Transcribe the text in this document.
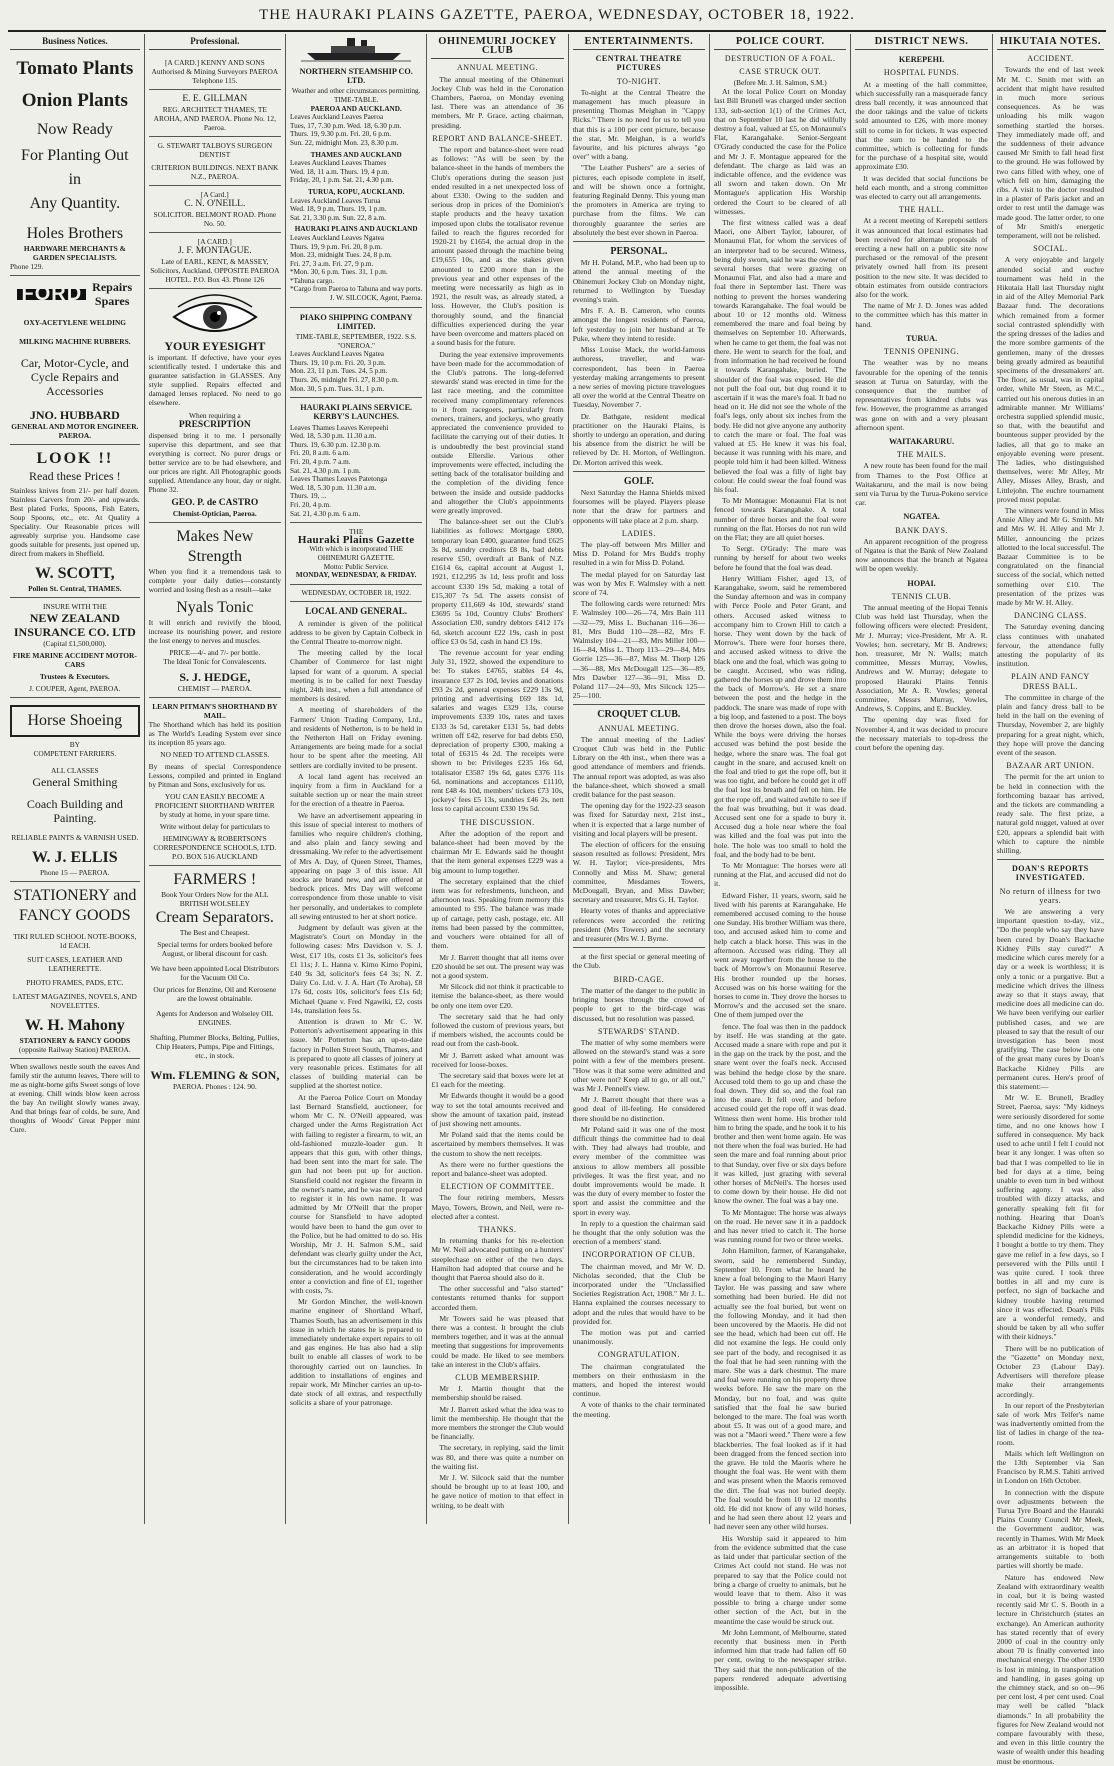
THE HAURAKI PLAINS GAZETTE, PAEROA, WEDNESDAY, OCTOBER 18, 1922.
Business Notices.
Tomato Plants
Onion Plants
Now Ready
For Planting Out
in
Any Quantity.
Holes Brothers
HARDWARE MERCHANTS & GARDEN SPECIALISTS.
Phone 129.
FORD Repairs
Spares
OXY-ACETYLENE WELDING
MILKING MACHINE RUBBERS.
Car, Motor-Cycle, and Cycle Repairs and Accessories
JNO. HUBBARD
GENERAL AND MOTOR ENGINEER. PAEROA.
LOOK !!
Read these Prices !
Stainless knives from 21/- per half dozen. Stainless Carvers from 20/- and upwards. Best plated Forks, Spoons, Fish Eaters, Soup Spoons, etc., etc. At Quality a Speciality. Our Reasonable prices will agreeably surprise you. Handsome case goods suitable for presents, just opened up, direct from makers in Sheffield.
W. SCOTT,
Pollen St. Central, THAMES.
INSURE WITH THE
NEW ZEALAND INSURANCE CO. LTD
(Capital £1,500,000).
FIRE MARINE ACCIDENT MOTOR-CARS
Trustees & Executors.
J. COUPER, Agent, PAEROA.
Horse Shoeing
BY
COMPETENT FARRIERS.
ALL CLASSES
General Smithing
Coach Building and Painting.
RELIABLE PAINTS & VARNISH USED.
W. J. ELLIS
Phone 15 — PAEROA.
STATIONERY and FANCY GOODS
TIKI RULED SCHOOL NOTE-BOOKS, 1d EACH.
SUIT CASES, LEATHER AND LEATHERETTE.
PHOTO FRAMES, PADS, ETC.
LATEST MAGAZINES, NOVELS, AND NOVELETTES.
W. H. Mahony
STATIONERY & FANCY GOODS
(opposite Railway Station) PAEROA.
When swallows nestle south the eaves And family stir the autumn leaves, There will to me as night-borne gifts Sweet songs of love at evening. Chill winds blow keen across the bay An twilight slowly wanes away, And that brings fear of colds, be sure, And thoughts of Woods' Great Pepper mint Cure.
Professional.
[A CARD.] KENNY AND SONS Authorised & Mining Surveyors PAEROA Telephone 115.
E. E. GILLMAN
REG. ARCHITECT THAMES, TE AROHA, AND PAEROA. Phone No. 12, Paeroa.
G. STEWART TALBOYS SURGEON DENTIST
CRITERION BUILDINGS. NEXT BANK N.Z., PAEROA.
[A Card.]
C. N. O'NEILL.
SOLICITOR. BELMONT ROAD. Phone No. 50.
[A CARD.]
J. F. MONTAGUE.
Late of EARL, KENT, & MASSEY, Solicitors, Auckland. OPPOSITE PAEROA HOTEL. P.O. Box 43. Phone 126
YOUR EYESIGHT
is important. If defective, have your eyes scientifically tested. I undertake this and guarantee satisfaction in GLASSES. Any style supplied. Repairs effected and damaged lenses replaced. No need to go elsewhere.
When requiring a
PRESCRIPTION
dispensed bring it to me. I personally supervise this department, and see that everything is correct. No purer drugs or better service are to be had elsewhere, and our prices are right. All Photographic goods supplied. Attendance any hour, day or night. Phone 32.
GEO. P. de CASTRO
Chemist-Optician, Paeroa.
Makes New Strength
When you find it a tremendous task to complete your daily duties—constantly worried and losing flesh as a result—take
Nyals Tonic
It will enrich and revivify the blood, increase its nourishing power, and restore the lost energy to nerves and muscles.
PRICE—4/- and 7/- per bottle.
The Ideal Tonic for Convalescents.
S. J. HEDGE,
CHEMIST — PAEROA.
LEARN PITMAN'S SHORTHAND BY MAIL.
The Shorthand which has held its position as The World's Leading System ever since its inception 85 years ago.
NO NEED TO ATTEND CLASSES.
By means of special Correspondence Lessons, compiled and printed in England by Pitman and Sons, exclusively for us.
YOU CAN EASILY BECOME A PROFICIENT SHORTHAND WRITER
by study at home, in your spare time.
Write without delay for particulars to
HEMINGWAY & ROBERTSON'S CORRESPONDENCE SCHOOLS, LTD. P.O. BOX 516 AUCKLAND
FARMERS !
Book Your Orders Now for the ALL BRITISH WOLSELEY
Cream Separators.
The Best and Cheapest.
Special terms for orders booked before August, or liberal discount for cash.
We have been appointed Local Distributors for the Vacuum Oil Co.
Our prices for Benzine, Oil and Kerosene are the lowest obtainable.
Agents for Anderson and Wolseley OIL ENGINES.
Shafting, Plummer Blocks, Belting, Pullies, Chip Heaters, Pumps, Pipe and Fittings, etc., in stock.
Wm. FLEMING & SON,
PAEROA. Phones : 124. 90.
NORTHERN STEAMSHIP CO. LTD.
Weather and other circumstances permitting.
TIME-TABLE.
PAEROA AND AUCKLAND.
Leaves Auckland Leaves Paeroa
Tues, 17, 7.30 p.m. Wed. 18, 6.30 p.m.
Thurs. 19, 9.30 p.m. Fri. 20, 6 p.m.
Sun. 22, midnight Mon. 23, 8.30 p.m.
THAMES AND AUCKLAND
Leaves Auckland Leaves Thames
Wed. 18, 11 a.m. Thurs. 19, 4 p.m.
Friday, 20, 1 p.m. Sat. 21, 4.30 p.m.
TURUA, KOPU, AUCKLAND.
Leaves Auckland Leaves Turua
Wed. 18, 9 p.m. Thurs. 19, 1 p.m.
Sat. 21, 3.30 p.m. Sun. 22, 8 a.m.
HAURAKI PLAINS AND AUCKLAND
Leaves Auckland Leaves Ngatea
Thurs. 19, 9 p.m. Fri. 20, 8 p.m.
Mon. 23, midnight Tues. 24, 8 p.m.
Fri. 27, 3 a.m. Fri. 27, 9 p.m.
*Mon. 30, 6 p.m. Tues. 31, 1 p.m.
*Tahuna cargo.
*Cargo from Paeroa to Tahuna and way ports.
J. W. SILCOCK, Agent, Paeroa.
PIAKO SHIPPING COMPANY LIMITED.
TIME-TABLE, SEPTEMBER, 1922. S.S. "ONEROA."
Leaves Auckland Leaves Ngatea
Thurs. 19, 10 p.m. Fri. 20, 3 p.m.
Mon. 23, 11 p.m. Tues. 24, 5 p.m.
Thurs. 26, midnight Fri. 27, 8.30 p.m.
Mon. 30, 5 p.m. Tues. 31, 1 p.m.
HAURAKI PLAINS SERVICE. KERBY'S LAUNCHES.
Leaves Thames Leaves Kerepeehi
Wed. 18, 5.30 p.m. 11.30 a.m.
Thurs. 19, 6.30 p.m. 12.30 p.m.
Fri. 20, 8 a.m. 6 a.m.
Fri. 20, 4 p.m. 7 a.m.
Sat. 21, 4.30 p.m. 1 p.m.
Leaves Thames Leaves Patetonga
Wed. 18, 5.30 p.m. 11.30 a.m.
Thurs. 19, ...
Fri. 20, 4 p.m.
Sat. 21, 4.30 p.m. 6 a.m.
THE
Hauraki Plains Gazette
With which is incorporated THE OHINEMURI GAZETTE.
Motto: Public Service.
MONDAY, WEDNESDAY, & FRIDAY.
WEDNESDAY, OCTOBER 18, 1922.
LOCAL AND GENERAL.
A reminder is given of the political address to be given by Captain Colbeck in the Central Theatre to-morrow night.
The meeting called by the local Chamber of Commerce for last night lapsed for want of a quorum. A special meeting is to be called for next Tuesday night, 24th inst., when a full attendance of members is desired.
A meeting of shareholders of the Farmers' Union Trading Company, Ltd., and residents of Netherton, is to be held in the Netherton Hall on Friday evening. Arrangements are being made for a social hour to be spent after the meeting. All settlers are cordially invited to be present.
A local land agent has received an inquiry from a firm in Auckland for a suitable section up or near the main street for the erection of a theatre in Paeroa.
We have an advertisement appearing in this issue of special interest to mothers of families who require children's clothing, and also plain and fancy sewing and dressmaking. We refer to the advertisement of Mrs A. Day, of Queen Street, Thames, appearing on page 3 of this issue. All stocks are brand new, and are offered at bedrock prices. Mrs Day will welcome correspondence from those unable to visit her personally, and undertakes to complete all sewing entrusted to her at short notice.
Judgment by default was given at the Magistrate's Court on Monday in the following cases: Mrs Davidson v. S. J. West, £17 10s, costs £1 3s, solicitor's fees £1 11s; J. L. Hanna v. Kimo Kimo Popini, £40 9s 3d, solicitor's fees £4 3s; N. Z. Dairy Co. Ltd. v. J. A. Hart (Te Aroha), £8 17s 6d, costs 10s, solicitor's fees £1s 6d; Michael Quane v. Fred Ngawiki, £2, costs 14s, translation fees 5s.
Attention is drawn to Mr C. W. Potterton's advertisement appearing in this issue. Mr Potterton has an up-to-date factory in Pollen Street South, Thames, and is prepared to quote all classes of joinery at very reasonable prices. Estimates for all classes of building material can be supplied at the shortest notice.
At the Paeroa Police Court on Monday last Bernard Stansfield, auctioneer, for whom Mr C. N. O'Neill appeared, was charged under the Arms Registration Act with failing to register a firearm, to wit, an old-fashioned muzzle-loader gun. It appears that this gun, with other things, had been sent into the mart for sale. The gun had not been put up for auction. Stansfield could not register the firearm in the owner's name, and he was not prepared to register it in his own name. It was admitted by Mr O'Neill that the proper course for Stansfield to have adopted would have been to hand the gun over to the Police, but he had omitted to do so. His Worship, Mr J. H. Salmon S.M., said defendant was clearly guilty under the Act, but the circumstances had to be taken into consideration, and he would accordingly enter a conviction and fine of £1, together with costs, 7s.
Mr Gordon Mincher, the well-known marine engineer of Shortland Wharf, Thames South, has an advertisement in this issue in which he states he is prepared to immediately undertake expert repairs to oil and gas engines. He has also had a slip built to enable all classes of work to be thoroughly carried out on launches. In addition to installations of engines and repair work, Mr Mincher carries an up-to-date stock of all extras, and respectfully solicits a share of your patronage.
OHINEMURI JOCKEY CLUB
ANNUAL MEETING.
The annual meeting of the Ohinemuri Jockey Club was held in the Coronation Chambers, Paeroa, on Monday evening last. There was an attendance of 36 members, Mr P. Grace, acting chairman, presiding.
REPORT AND BALANCE-SHEET.
The report and balance-sheet were read as follows: "As will be seen by the balance-sheet in the hands of members the Club's operations during the season just ended resulted in a net unexpected loss of about £330. Owing to the sudden and serious drop in prices of the Dominion's staple products and the heavy taxation imposed upon clubs the totalisator revenue failed to reach the figures recorded for 1920-21 by £1654, the actual drop in the amount passed through the machine being £19,655 10s, and as the stakes given amounted to £200 more than in the previous year and other expenses of the meeting were necessarily as high as in 1921, the result was, as already stated, a loss. However, the Club's position is thoroughly sound, and the financial difficulties experienced during the year have been overcome and matters placed on a sound basis for the future.
During the year extensive improvements have been made for the accommodation of the Club's patrons. The long-deferred stewards' stand was erected in time for the last race meeting, and the committee received many complimentary references to it from racegoers, particularly from owners, trainers, and jockeys, who greatly appreciated the convenience provided to facilitate the carrying out of their duties. It is undoubtedly the best provincial stand outside Ellerslie. Various other improvements were effected, including the setting back of the totalisator building and the completion of the dividing fence between the inside and outside paddocks and altogether the Club's appointments were greatly improved.
The balance-sheet set out the Club's liabilities as follows: Mortgage £800, temporary loan £400, guarantee fund £625 3s 8d, sundry creditors £8 8s, bad debts reserve £50, overdraft at Bank of N.Z. £1614 6s, capital account at August 1, 1921, £12,295 3s 1d, less profit and loss account £330 19s 5d, making a total of £15,307 7s 5d. The assets consist of property £11,669 4s 10d, stewards' stand £3695 5s 10d, Country Clubs' Brothers' Association £30, sundry debtors £412 17s 6d, sketch account £22 19s, cash in post office £3 0s 5d, cash in hand £3 19s.
The revenue account for year ending July 31, 1922, showed the expenditure to be: To stakes £4765, stables £4 4s, insurance £37 2s 10d, levies and donations £93 2s 2d, general expenses £229 13s 9d, printing and advertising £69 18s 1d, salaries and wages £329 13s, course improvements £339 10s, rates and taxes £133 3s 5d, caretaker £131 5s, bad debts written off £42, reserve for bad debts £50, depreciation of property £300, making a total of £6315 4s 2d. The receipts were shown to be: Privileges £235 16s 6d, totalisator £3587 19s 6d, gates £376 11s 6d, nominations and acceptances £1110, rent £48 4s 10d, members' tickets £73 10s, jockeys' fees £5 13s, sundries £46 2s, nett loss to capital account £330 19s 5d.
THE DISCUSSION.
After the adoption of the report and balance-sheet had been moved by the chairman Mr E. Edwards said he thought that the item general expenses £229 was a big amount to lump together.
The secretary explained that the chief item was for refreshments, luncheon, and afternoon teas. Speaking from memory this amounted to £95. The balance was made up of cartage, petty cash, postage, etc. All items had been passed by the committee, and vouchers were obtained for all of them.
Mr J. Barrett thought that all items over £20 should be set out. The present way was not a good system.
Mr Silcock did not think it practicable to itemise the balance-sheet, as there would be only one item over £20.
The secretary said that he had only followed the custom of previous years, but if members wished, the accounts could be read out from the cash-book.
Mr J. Barrett asked what amount was received for loose-boxes.
The secretary said that boxes were let at £1 each for the meeting.
Mr Edwards thought it would be a good way to set the total amounts received and show the amount of taxation paid, instead of just showing nett amounts.
Mr Poland said that the items could be ascertained by members themselves. It was the custom to show the nett receipts.
As there were no further questions the report and balance-sheet was adopted.
ELECTION OF COMMITTEE.
The four retiring members, Messrs Mayo, Towers, Brown, and Neil, were re-elected after a contest.
THANKS.
In returning thanks for his re-election Mr W. Neil advocated putting on a hunters' steeplechase on either of the two days. Hamilton had adopted that course and he thought that Paeroa should also do it.
The other successful and "also started" contestants returned thanks for support accorded them.
Mr Towers said he was pleased that there was a contest. It brought the club members together, and it was at the annual meeting that suggestions for improvements could be made. He liked to see members take an interest in the Club's affairs.
CLUB MEMBERSHIP.
Mr J. Martin thought that the membership should be raised.
Mr J. Barrett asked what the idea was to limit the membership. He thought that the more members the stronger the Club would be financially.
The secretary, in replying, said the limit was 80, and there was quite a number on the waiting list.
Mr J. W. Silcock said that the number should be brought up to at least 100, and he gave notice of motion to that effect in writing, to be dealt with
ENTERTAINMENTS.
CENTRAL THEATRE PICTURES
TO-NIGHT.
To-night at the Central Theatre the management has much pleasure in presenting Thomas Meighan in "Cappy Ricks." There is no need for us to tell you that this is a 100 per cent picture, because the star, Mr. Meighan, is a world's favourite, and his pictures always "go over" with a bang.
"The Leather Pushers" are a series of pictures, each episode complete in itself, and will be shown once a fortnight, featuring Reginald Denny. This young man the promoters in America are trying to purchase from the films. We can thoroughly guarantee the series are absolutely the best ever shown in Paeroa.
PERSONAL.
Mr H. Poland, M.P., who had been up to attend the annual meeting of the Ohinemuri Jockey Club on Monday night, returned to Wellington by Tuesday evening's train.
Mrs F. A. B. Cameron, who counts amongst the longest residents of Paeroa, left yesterday to join her husband at Te Puke, where they intend to reside.
Miss Louise Mack, the world-famous authoress, traveller, and war-correspondent, has been in Paeroa yesterday making arrangements to present a new series of moving picture travelogues all over the world at the Central Theatre on Tuesday, November 7.
Dr. Bathgate, resident medical practitioner on the Hauraki Plains, is shortly to undergo an operation, and during his absence from the district he will be relieved by Dr. H. Morton, of Wellington. Dr. Morton arrived this week.
GOLF.
Next Saturday the Hanna Shields mixed foursomes will be played. Players please note that the draw for partners and opponents will take place at 2 p.m. sharp.
LADIES.
The play-off between Mrs Miller and Miss D. Poland for Mrs Budd's trophy resulted in a win for Miss D. Poland.
The medal played for on Saturday last was won by Mrs F. Walmsley with a nett score of 74.
The following cards were returned: Mrs F. Walmsley 100—26—74, Mrs Bain 111—32—79, Miss L. Buchanan 116—36—81, Mrs Budd 110—28—82, Mrs F. Walmsley 104—21—83, Mrs Miller 100—16—84, Miss L. Thorp 113—29—84, Mrs Gorrie 125—36—87, Miss M. Thorp 126—36—88, Mrs McDougall 125—36—89, Mrs Dawber 127—36—91, Miss D. Poland 117—24—93, Mrs Silcock 125—25—100.
CROQUET CLUB.
ANNUAL MEETING.
The annual meeting of the Ladies' Croquet Club was held in the Public Library on the 4th inst., when there was a good attendance of members and friends. The annual report was adopted, as was also the balance-sheet, which showed a small credit balance for the past season.
The opening day for the 1922-23 season was fixed for Saturday next, 21st inst., when it is expected that a large number of visiting and local players will be present.
The election of officers for the ensuing season resulted as follows: President, Mrs W. H. Taylor; vice-presidents, Mrs Connolly and Miss M. Shaw; general committee, Mesdames Towers, McDougall, Bryan, and Miss Dawber; secretary and treasurer, Mrs G. H. Taylor.
Hearty votes of thanks and appreciative references were accorded the retiring president (Mrs Towers) and the secretary and treasurer (Mrs W. J. Byrne.
at the first special or general meeting of the Club.
BIRD-CAGE.
The matter of the danger to the public in bringing horses through the crowd of people to get to the bird-cage was discussed, but no resolution was passed.
STEWARDS' STAND.
The matter of why some members were allowed on the steward's stand was a sore point with a few of the members present. "How was it that some were admitted and other were not? Keep all to go, or all out," was Mr J. Pennell's view.
Mr J. Barrett thought that there was a good deal of ill-feeling. He considered there should be no distinction.
Mr Poland said it was one of the most difficult things the committee had to deal with. They had always had trouble, and every member of the committee was anxious to allow members all possible privileges. It was the first year, and no doubt improvements would be made. It was the duty of every member to foster the sport and assist the committee and the sport in every way.
In reply to a question the chairman said he thought that the only solution was the erection of a members' stand.
INCORPORATION OF CLUB.
The chairman moved, and Mr W. D. Nicholas seconded, that the Club be incorporated under the "Unclassified Societies Registration Act, 1908." Mr J. L. Hanna explained the courses necessary to adopt and the rules that would have to be provided for.
The motion was put and carried unanimously.
CONGRATULATION.
The chairman congratulated the members on their enthusiasm in the matters, and hoped the interest would continue.
A vote of thanks to the chair terminated the meeting.
POLICE COURT.
DESTRUCTION OF A FOAL.
CASE STRUCK OUT.
(Before Mr. J. H. Salmon, S.M.)
At the local Police Court on Monday last Bill Brunell was charged under section 133, sub-section 1(1) of the Crimes Act, that on September 10 last he did wilfully destroy a foal, valued at £5, on Monaunui's Flat, Karangahake. Senior-Sergeant O'Grady conducted the case for the Police and Mr J. F. Montague appeared for the defendant. The charge as laid was an indictable offence, and the evidence was all sworn and taken down. On Mr Montague's application His Worship ordered the Court to be cleared of all witnesses.
The first witness called was a deaf Maori, one Albert Taylor, labourer, of Monaunui Flat, for whom the services of an interpreter had to be secured. Witness, being duly sworn, said he was the owner of several horses that were grazing on Monaunui Flat, and also had a mare and foal there in September last. There was nothing to prevent the horses wandering towards Karangahake. The foal would be about 10 or 12 months old. Witness remembered the mare and foal being by themselves on September 10. Afterwards, when he came to get them, the foal was not there. He went to search for the foal, and from information he had received he found it towards Karangahake, buried. The shoulder of the foal was exposed. He did not pull the foal out, but dug round it to ascertain if it was the mare's foal. It had no head on it. He did not see the whole of the foal's legs, only about six inches from the body. He did not give anyone any authority to catch the mare or foal. The foal was valued at £5. He knew it was his foal, because it was running with his mare, and people told him it had been killed. Witness believed the foal was a filly of light bay colour. He could swear the foal found was his foal.
To Mr Montague: Monaunui Flat is not fenced towards Karangahake. A total number of three horses and the foal were running on the flat. Horses do not run wild on the Flat; they are all quiet horses.
To Sergt. O'Grady: The mare was running by herself for about two weeks before he found that the foal was dead.
Henry William Fisher, aged 13, of Karangahake, sworn, said he remembered the Sunday afternoon and was in company with Perce Poole and Peter Grant, and others. Accused asked witness to accompany him to Crown Hill to catch a horse. They went down by the back of Morrow's. There were four horses there, and accused asked witness to drive the black one and the foal, which was going to be caught. Accused, who was riding, gathered the horses up and drove them into the back of Morrow's. He set a snare between the post and the hedge in the paddock. The snare was made of rope with a big loop, and fastened to a post. The boys then drove the horses down, also the foal. While the boys were driving the horses accused was behind the post beside the hedge, where the snare was. The foal got caught in the snare, and accused knelt on the foal and tried to get the rope off, but it was too tight, and before he could get it off the foal lost its breath and fell on him. He got the rope off, and waited awhile to see if the foal was breathing, but it was dead. Accused sent one for a spade to bury it. Accused dug a hole near where the foal was killed and the foal was put into the hole. The hole was too small to hold the foal, and the body had to be bent.
To Mr Montague: The horses were all running at the Flat, and accused did not do it.
Edward Fisher, 11 years, sworn, said he lived with his parents at Karangahake. He remembered accused coming to the house one Sunday. His brother William was there, too, and accused asked him to come and help catch a black horse. This was in the afternoon. Accused was riding. They all went away together from the house to the back of Morrow's on Monaunui Reserve. His brother rounded up the horses. Accused was on his horse waiting for the horses to come in. They drove the horses to Morrow's and the accused set the snare. One of them jumped over the
fence. The foal was then in the paddock by itself. He was standing at the gate. Accused made a snare with rope and put it in the gap on the track by the post, and the snare went over the foal's neck. Accused was behind the hedge close by the snare. Accused told them to go up and chase the foal down. They did so, and the foal ran into the snare. It fell over, and before accused could get the rope off it was dead. Witness then went home. His brother told him to bring the spade, and he took it to his brother and then went home again. He was not there when the foal was buried. He had seen the mare and foal running about prior to that Sunday, over five or six days before it was killed, just grazing with several other horses of McNeil's. The horses used to come down by their house. He did not know the owner. The foal was a bay one.
To Mr Montague: The horse was always on the road. He never saw it in a paddock and has never tried to catch it. The horse was running round for two or three weeks.
John Hamilton, farmer, of Karangahake, sworn, said he remembered Sunday, September 10. From what he heard he knew a foal belonging to the Maori Harry Taylor. He was passing and saw where something had been buried. He did not actually see the foal buried, but went on the following Monday, and it had then been uncovered by the Maoris. He did not see the head, which had been cut off. He did not examine the legs. He could only see part of the body, and recognised it as the foal that he had seen running with the mare. She was a dark chestnut. The mare and foal were running on his property three weeks before. He saw the mare on the Monday, but no foal, and was quite satisfied that the foal he saw buried belonged to the mare. The foal was worth about £5. It was out of a good mare, and was not a "Maori weed." There were a few blackberries. The foal looked as if it had been dragged from the fenced section into the grave. He told the Maoris where he thought the foal was. He went with them and was present when the Maoris removed the dirt. The foal was not buried deeply. The foal would be from 10 to 12 months old. He did not know of any wild horses, and he had seen there about 12 years and had never seen any other wild horses.
His Worship said it appeared to him from the evidence submitted that the case as laid under that particular section of the Crimes Act could not stand. He was not prepared to say that the Police could not bring a charge of cruelty to animals, but he would leave that to them. Also it was possible to bring a charge under some other section of the Act, but in the meantime the case would be struck out.
Mr John Lemmont, of Melbourne, stated recently that business men in Perth informed him that trade had fallen off 60 per cent, owing to the newspaper strike. They said that the non-publication of the papers rendered adequate advertising impossible.
DISTRICT NEWS.
KEREPEHI.
HOSPITAL FUNDS.
At a meeting of the hall committee, which successfully ran a masquerade fancy dress ball recently, it was announced that the door takings and the value of tickets sold amounted to £26, with more money still to come in for tickets. It was expected that the sum to be handed to the committee, which is collecting for funds for the purchase of a hospital site, would approximate £30.
It was decided that social functions be held each month, and a strong committee was elected to carry out all arrangements.
THE HALL.
At a recent meeting of Kerepehi settlers it was announced that local estimates had been received for alternate proposals of erecting a new hall on a public site now purchased or the removal of the present privately owned hall from its present position to the new site. It was decided to obtain estimates from outside contractors also for the work.
The name of Mr J. D. Jones was added to the committee which has this matter in hand.
TURUA.
TENNIS OPENING.
The weather was by no means favourable for the opening of the tennis season at Turua on Saturday, with the consequence that the number of representatives from kindred clubs was few. However, the programme as arranged was gone on with and a very pleasant afternoon spent.
WAITAKARURU.
THE MAILS.
A new route has been found for the mail from Thames to the Post Office at Waitakaruru, and the mail is now being sent via Turua by the Turua-Pokeno service car.
NGATEA.
BANK DAYS.
An apparent recognition of the progress of Ngatea is that the Bank of New Zealand now announces that the branch at Ngatea will be open weekly.
HOPAI.
TENNIS CLUB.
The annual meeting of the Hopai Tennis Club was held last Thursday, when the following officers were elected: President, Mr J. Murray; vice-President, Mr A. R. Vowles; hon. secretary, Mr B. Andrews; hon. treasurer, Mr N. Walls; match committee, Messrs Murray, Vowles, Andrews and W. Murray; delegate to proposed Hauraki Plains Tennis Association, Mr A. R. Vowles; general committee, Messrs Murray, Vowles, Andrews, S. Coppins, and E. Buckley.
The opening day was fixed for November 4, and it was decided to procure the necessary materials to top-dress the court before the opening day.
HIKUTAIA NOTES.
ACCIDENT.
Towards the end of last week Mr M. C. Smith met with an accident that might have resulted in much more serious consequences. As he was unloading his milk wagon something startled the horses. They immediately made off, and the suddenness of their advance caused Mr Smith to fall head first to the ground. He was followed by two cans filled with whey, one of which fell on him, damaging the ribs. A visit to the doctor resulted in a plaster of Paris jacket and an order to rest until the damage was made good. The latter order, to one of Mr Smith's energetic temperament, will not be relished.
SOCIAL.
A very enjoyable and largely attended social and euchre tournament was held in the Hikutaia Hall last Thursday night in aid of the Alley Memorial Park Bazaar fund. The decorations which remained from a former social contrasted splendidly with the spring dresses of the ladies and the more sombre garments of the gentlemen, many of the dresses being greatly admired as beautiful specimens of the dressmakers' art. The floor, as usual, was in capital order, while Mr Steen, as M.C., carried out his onerous duties in an admirable manner. Mr Williams' orchestra supplied splendid music, so that, with the beautiful and bounteous supper provided by the ladies, all that go to make an enjoyable evening were present. The ladies, who distinguished themselves, were: Mr Alley, Mr Alley, Misses Alley, Brash, and Littlejohn. The euchre tournament proved most popular.
The winners were found in Miss Annie Alley and Mr G. Smith. Mr and Mrs W. H. Alley and Mr J. Miller, announcing the prizes allotted to the local successful. The Bazaar Committee is to be congratulated on the financial success of the social, which netted something over £10. The presentation of the prizes was made by Mr W. H. Alley.
DANCING CLASS.
The Saturday evening dancing class continues with unabated fervour, the attendance fully attesting the popularity of its institution.
PLAIN AND FANCY DRESS BALL.
The committee in charge of the plain and fancy dress ball to be held in the hall on the evening of Thursday, November 2, are highly preparing for a great night, which, they hope will prove the dancing event of the season.
BAZAAR ART UNION.
The permit for the art union to be held in connection with the forthcoming bazaar has arrived, and the tickets are commanding a ready sale. The first prize, a natural gold nugget, valued at over £20, appears a splendid bait with which to capture the nimble shilling.
DOAN'S REPORTS INVESTIGATED.
No return of illness for two years.
We are answering a very important question to-day, viz., "Do the people who say they have been cured by Doan's Backache Kidney Pills stay cured?" A medicine which cures merely for a day or a week is worthless; it is only a tonic or a purgative. But a medicine which drives the illness away so that it stays away, that medicine does all medicine can do. We have been verifying our earlier published cases, and we are pleased to say that the result of our investigation has been most gratifying. The case below is one of the great many cures by Doan's Backache Kidney Pills are permanent cures. Here's proof of this statement:—
Mr W. E. Brunell, Bradley Street, Paeroa, says: "My kidneys were seriously disordered for some time, and no one knows how I suffered in consequence. My back used to ache until I felt I could not bear it any longer. I was often so bad that I was compelled to lie in bed for days at a time, being unable to even turn in bed without suffering agony. I was also troubled with dizzy attacks, and generally speaking felt fit for nothing. Hearing that Doan's Backache Kidney Pills were a splendid medicine for the kidneys, I bought a bottle to try them. They gave me relief in a few days, so I persevered with the Pills until I was quite cured. I took three bottles in all and my cure is perfect, no sign of backache and kidney trouble having returned since it was effected. Doan's Pills are a wonderful remedy, and should be taken by all who suffer with their kidneys."
There will be no publication of the "Gazette" on Monday next, October 23 (Labour Day). Advertisers will therefore please make their arrangements accordingly.
In our report of the Presbyterian sale of work Mrs Telfer's name was inadvertently omitted from the list of ladies in charge of the tea-room.
Mails which left Wellington on the 13th September via San Francisco by R.M.S. Tahiti arrived in London on 16th October.
In connection with the dispute over adjustments between the Turua Tyre Board and the Hauraki Plains County Council Mr Meek, the Government auditor, was recently in Thames. With Mr Meek as an arbitrator it is hoped that arrangements suitable to both parties will shortly be made.
Nature has endowed New Zealand with extraordinary wealth in coal, but it is being wasted recently said Mr C. S. Booth in a lecture in Christchurch (states an exchange). An American authority has stated recently that of every 2000 of coal in the country only about 70 is finally converted into mechanical energy. The other 1930 is lost in mining, in transportation and handling, in gases going up the chimney stack, and so on—96 per cent lost, 4 per cent used. Coal may well be called "black diamonds." In all probability the figures for New Zealand would not compare favourably with these, and even in this little country the waste of wealth under this heading must be enormous.
